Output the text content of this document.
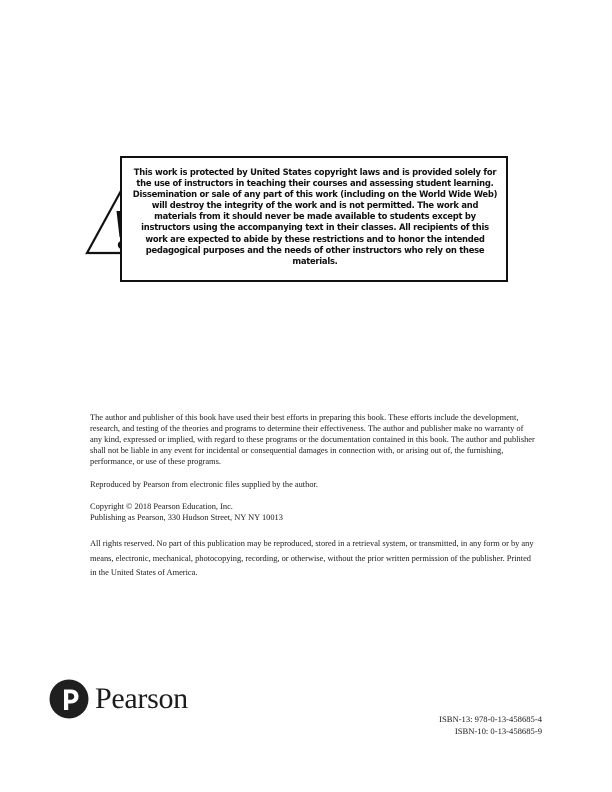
This work is protected by United States copyright laws and is provided solely for the use of instructors in teaching their courses and assessing student learning. Dissemination or sale of any part of this work (including on the World Wide Web) will destroy the integrity of the work and is not permitted. The work and materials from it should never be made available to students except by instructors using the accompanying text in their classes. All recipients of this work are expected to abide by these restrictions and to honor the intended pedagogical purposes and the needs of other instructors who rely on these materials.

The author and publisher of this book have used their best efforts in preparing this book. These efforts include the development, research, and testing of the theories and programs to determine their effectiveness. The author and publisher make no warranty of any kind, expressed or implied, with regard to these programs or the documentation contained in this book. The author and publisher shall not be liable in any event for incidental or consequential damages in connection with, or arising out of, the furnishing, performance, or use of these programs.

Reproduced by Pearson from electronic files supplied by the author.

Copyright © 2018 Pearson Education, Inc.
Publishing as Pearson, 330 Hudson Street, NY NY 10013

All rights reserved. No part of this publication may be reproduced, stored in a retrieval system, or transmitted, in any form or by any means, electronic, mechanical, photocopying, recording, or otherwise, without the prior written permission of the publisher. Printed in the United States of America.

Pearson
ISBN-13: 978-0-13-458685-4
ISBN-10: 0-13-458685-9
